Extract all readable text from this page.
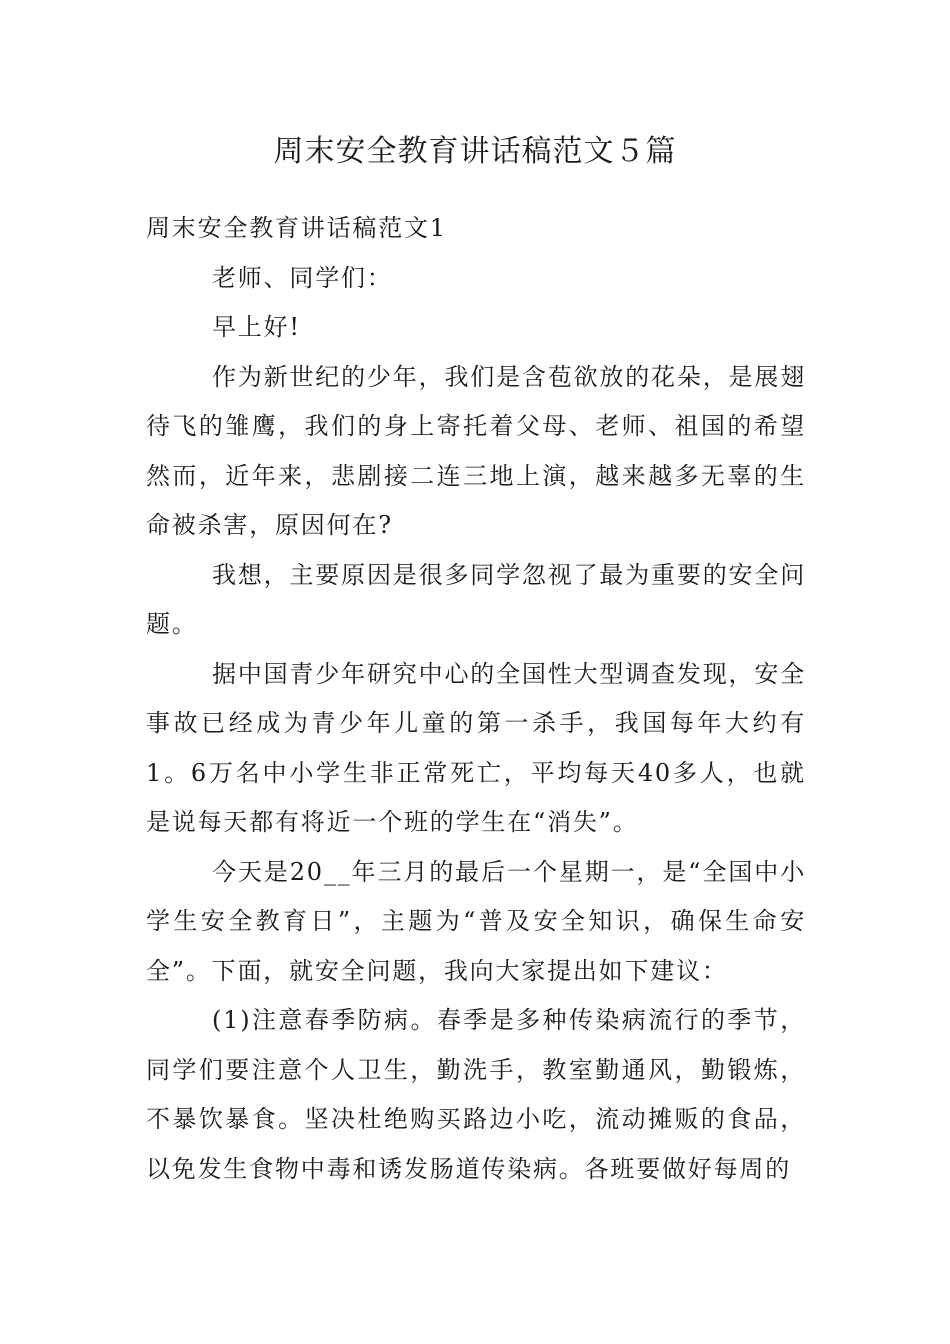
周末安全教育讲话稿范文５篇

周末安全教育讲话稿范文1

老师、同学们：

早上好!

作为新世纪的少年，我们是含苞欲放的花朵，是展翅待飞的雏鹰，我们的身上寄托着父母、老师、祖国的希望然而，近年来，悲剧接二连三地上演，越来越多无辜的生命被杀害，原因何在?

我想，主要原因是很多同学忽视了最为重要的安全问题。

据中国青少年研究中心的全国性大型调查发现，安全事故已经成为青少年儿童的第一杀手，我国每年大约有1。6万名中小学生非正常死亡，平均每天40多人，也就是说每天都有将近一个班的学生在“消失”。

今天是20__年三月的最后一个星期一，是“全国中小学生安全教育日”，主题为“普及安全知识，确保生命安全”。下面，就安全问题，我向大家提出如下建议：

(1)注意春季防病。春季是多种传染病流行的季节，同学们要注意个人卫生，勤洗手，教室勤通风，勤锻炼，不暴饮暴食。坚决杜绝购买路边小吃，流动摊贩的食品，以免发生食物中毒和诱发肠道传染病。各班要做好每周的
